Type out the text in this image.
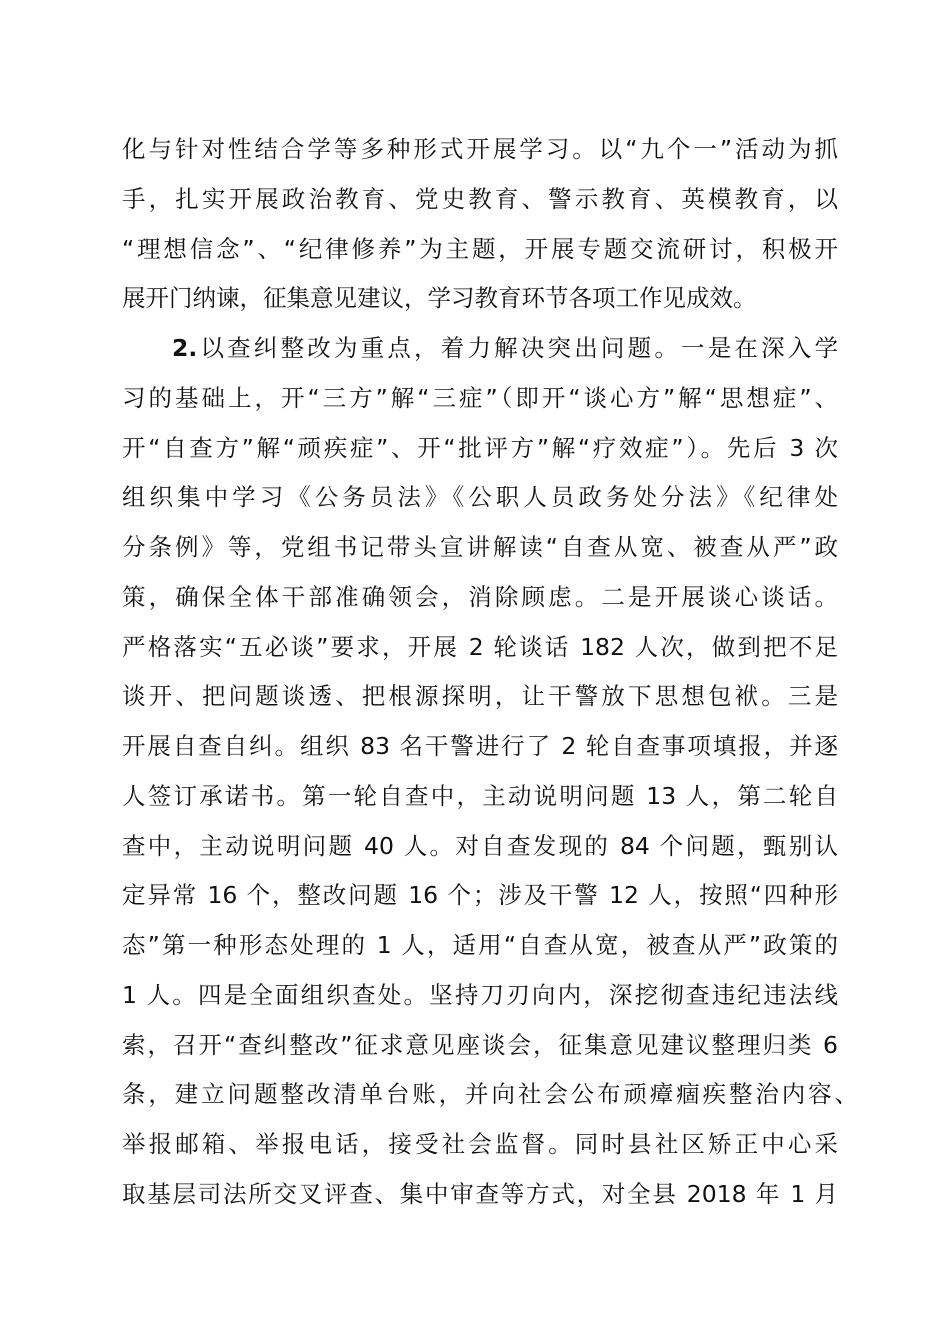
化与针对性结合学等多种形式开展学习。以“九个一”活动为抓
手，扎实开展政治教育、党史教育、警示教育、英模教育，以
“理想信念”、“纪律修养”为主题，开展专题交流研讨，积极开
展开门纳谏，征集意见建议，学习教育环节各项工作见成效。
2.以查纠整改为重点，着力解决突出问题。一是在深入学
习的基础上，开“三方”解“三症”（即开“谈心方”解“思想症”、
开“自查方”解“顽疾症”、开“批评方”解“疗效症”）。先后 3 次
组织集中学习《公务员法》《公职人员政务处分法》《纪律处
分条例》等，党组书记带头宣讲解读“自查从宽、被查从严”政
策，确保全体干部准确领会，消除顾虑。二是开展谈心谈话。
严格落实“五必谈”要求，开展 2 轮谈话 182 人次，做到把不足
谈开、把问题谈透、把根源探明，让干警放下思想包袱。三是
开展自查自纠。组织 83 名干警进行了 2 轮自查事项填报，并逐
人签订承诺书。第一轮自查中，主动说明问题 13 人，第二轮自
查中，主动说明问题 40 人。对自查发现的 84 个问题，甄别认
定异常 16 个，整改问题 16 个；涉及干警 12 人，按照“四种形
态”第一种形态处理的 1 人，适用“自查从宽，被查从严”政策的
1 人。四是全面组织查处。坚持刀刃向内，深挖彻查违纪违法线
索，召开“查纠整改”征求意见座谈会，征集意见建议整理归类 6
条，建立问题整改清单台账，并向社会公布顽瘴痼疾整治内容、
举报邮箱、举报电话，接受社会监督。同时县社区矫正中心采
取基层司法所交叉评查、集中审查等方式，对全县 2018 年 1 月
